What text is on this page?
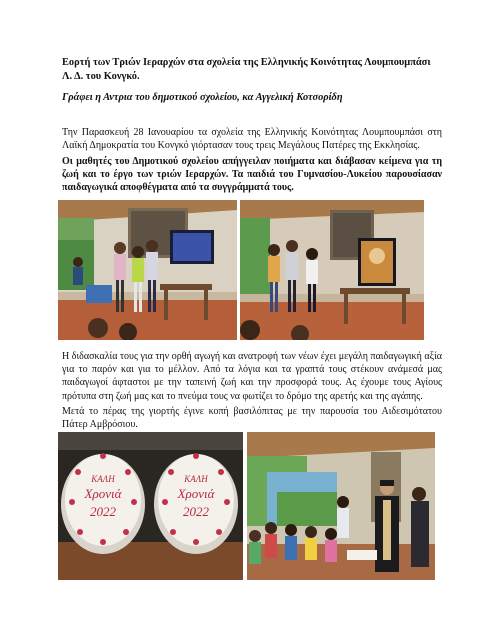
Εορτή των Τριών Ιεραρχών στα σχολεία της Ελληνικής Κοινότητας Λουμπουμπάσι Λ. Δ. του Κονγκό.

Γράφει η Αντρια του δημοτικού σχολείου, κα Αγγελική Κοτσορίδη

Την Παρασκευή 28 Ιανουαρίου τα σχολεία της Ελληνικής Κοινότητας Λουμπουμπάσι στη Λαϊκή Δημοκρατία του Κονγκό γιόρτασαν τους τρεις Μεγάλους Πατέρες της Εκκλησίας.

Οι μαθητές του Δημοτικού σχολείου απήγγειλαν ποιήματα και διάβασαν κείμενα για τη ζωή και το έργο των τριών Ιεραρχών. Τα παιδιά του Γυμνασίου-Λυκείου παρουσίασαν παιδαγωγικά αποφθέγματα από τα συγγράμματά τους.

Η διδασκαλία τους για την ορθή αγωγή και ανατροφή των νέων έχει μεγάλη παιδαγωγική αξία για το παρόν και για το μέλλον. Από τα λόγια και τα γραπτά τους στέκουν ανάμεσά μας παιδαγωγοί άφταστοι με την ταπεινή ζωή και την προσφορά τους. Ας έχουμε τους Αγίους πρότυπα στη ζωή μας και το πνεύμα τους να φωτίζει το δρόμο της αρετής και της αγάπης.

Μετά το πέρας της γιορτής έγινε κοπή βασιλόπιτας με την παρουσία του Αιδεσιμότατου Πάτερ Αμβρόσιου.

ΚΑΛΗ
Χρονιά
2022
ΚΑΛΗ
Χρονιά
2022
